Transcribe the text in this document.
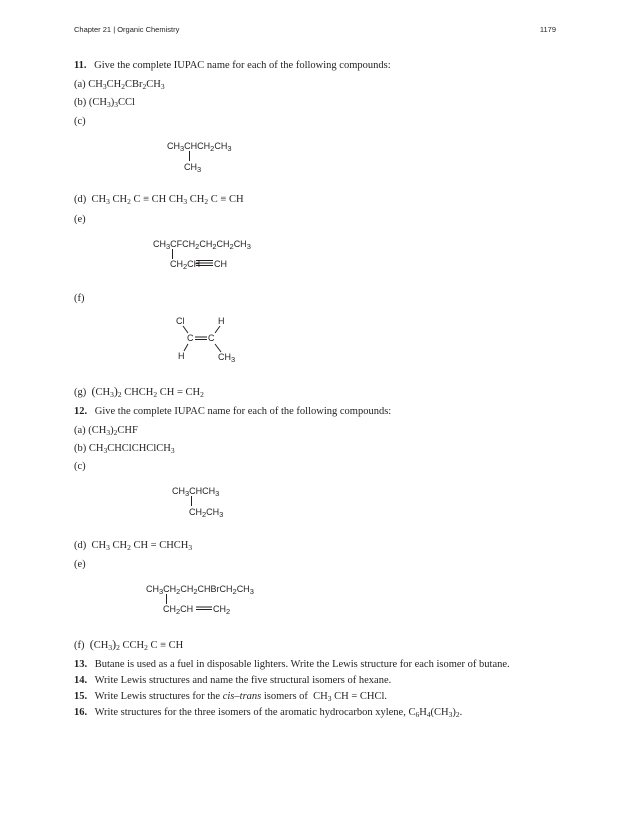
Chapter 21 | Organic Chemistry	1179
11. Give the complete IUPAC name for each of the following compounds:
(a) $CH_3CH_2CBr_2CH_3$
(b) $(CH_3)_3CCl$
(c)
$CH_3CHCH_2CH_3$
$CH_3$
(d) $CH_3$ $CH_2$ C ≡ CH $CH_3$ $CH_2$ C ≡ CH
(e)
$CH_3CFCH_2CH_2CH_2CH_3$
$CH_2CH$ CH
(f)
Cl	H
C C
H	$CH_3$
(g) $(CH_3)_2$ $CHCH_2$ CH = $CH_2$
12. Give the complete IUPAC name for each of the following compounds:
(a) $(CH_3)_2CHF$
(b) $CH_3CHClCHClCH_3$
(c)
$CH_3CHCH_3$
$CH_2CH_3$
(d) $CH_3$ $CH_2$ CH = $CHCH_3$
(e)
$CH_3CH_2CH_2CHBrCH_2CH_3$
$CH_2CH$ $CH_2$
(f) $(CH_3)_2$ $CCH_2$ C ≡ CH
13. Butane is used as a fuel in disposable lighters. Write the Lewis structure for each isomer of butane.
14. Write Lewis structures and name the five structural isomers of hexane.
15. Write Lewis structures for the cis–trans isomers of  $CH_3$ CH = CHCl.
16. Write structures for the three isomers of the aromatic hydrocarbon xylene, $C_6H_4(CH_3)_2$.
